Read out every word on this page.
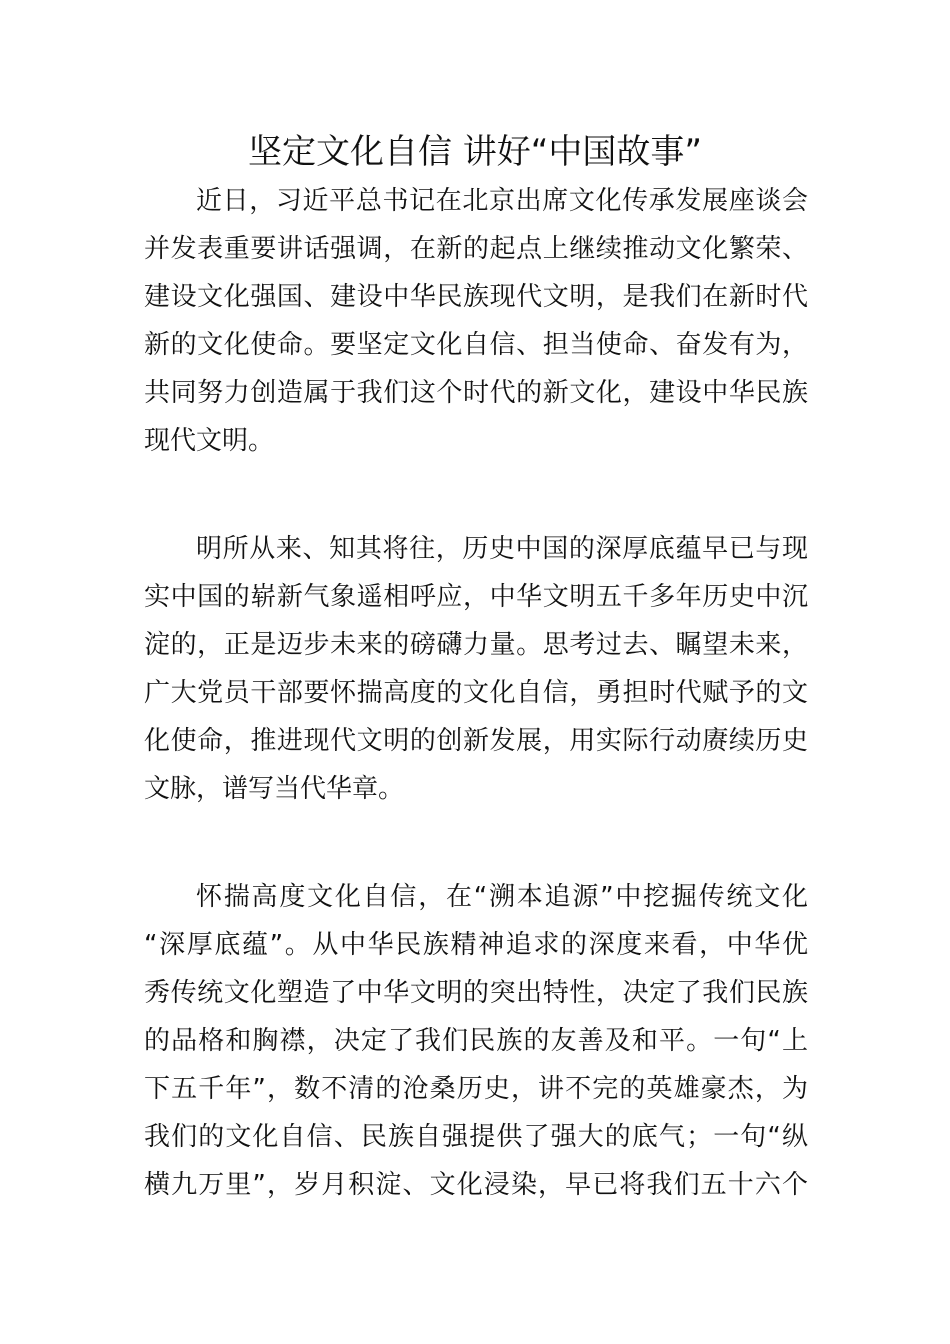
坚定文化自信 讲好“中国故事”
近日，习近平总书记在北京出席文化传承发展座谈会
并发表重要讲话强调，在新的起点上继续推动文化繁荣、
建设文化强国、建设中华民族现代文明，是我们在新时代
新的文化使命。要坚定文化自信、担当使命、奋发有为，
共同努力创造属于我们这个时代的新文化，建设中华民族
现代文明。
明所从来、知其将往，历史中国的深厚底蕴早已与现
实中国的崭新气象遥相呼应，中华文明五千多年历史中沉
淀的，正是迈步未来的磅礴力量。思考过去、瞩望未来，
广大党员干部要怀揣高度的文化自信，勇担时代赋予的文
化使命，推进现代文明的创新发展，用实际行动赓续历史
文脉，谱写当代华章。
怀揣高度文化自信，在“溯本追源”中挖掘传统文化
“深厚底蕴”。从中华民族精神追求的深度来看，中华优
秀传统文化塑造了中华文明的突出特性，决定了我们民族
的品格和胸襟，决定了我们民族的友善及和平。一句“上
下五千年”，数不清的沧桑历史，讲不完的英雄豪杰，为
我们的文化自信、民族自强提供了强大的底气；一句“纵
横九万里”，岁月积淀、文化浸染，早已将我们五十六个
